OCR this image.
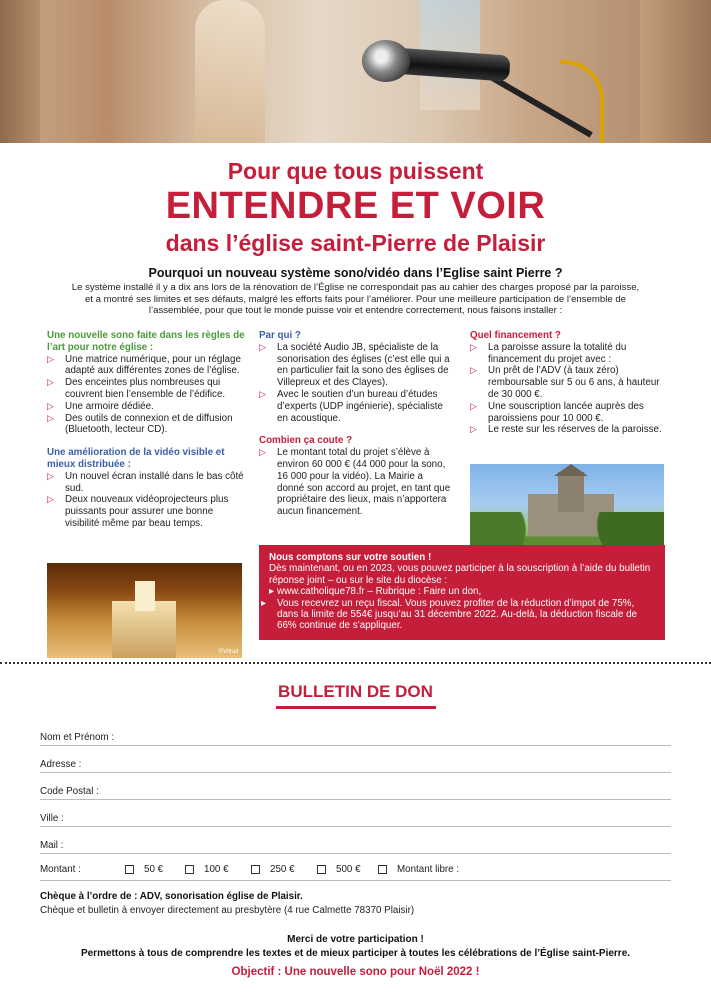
Pour que tous puissent
ENTENDRE ET VOIR
dans l’église saint-Pierre de Plaisir
Pourquoi un nouveau système sono/vidéo dans l’Eglise saint Pierre ?
Le système installé il y a dix ans lors de la rénovation de l’Église ne correspondait pas au cahier des charges proposé par la paroisse, et a montré ses limites et ses défauts, malgré les efforts faits pour l’améliorer. Pour une meilleure participation de l’ensemble de l’assemblée, pour que tout le monde puisse voir et entendre correctement, nous faisons installer :
Une nouvelle sono faite dans les règles de l’art pour notre église :
▷ Une matrice numérique, pour un réglage adapté aux différentes zones de l’église.
▷ Des enceintes plus nombreuses qui couvrent bien l’ensemble de l’édifice.
▷ Une armoire dédiée.
▷ Des outils de connexion et de diffusion (Bluetooth, lecteur CD).
Une amélioration de la vidéo visible et mieux distribuée :
▷ Un nouvel écran installé dans le bas côté sud.
▷ Deux nouveaux vidéoprojecteurs plus puissants pour assurer une bonne visibilité même par beau temps.
Par qui ?
▷ La société Audio JB, spécialiste de la sonorisation des églises (c’est elle qui a en particulier fait la sono des églises de Villepreux et des Clayes).
▷ Avec le soutien d’un bureau d’études d’experts (UDP ingénierie), spécialiste en acoustique.
Combien ça coute ?
▷ Le montant total du projet s’élève à environ 60 000 € (44 000 pour la sono, 16 000 pour la vidéo). La Mairie a donné son accord au projet, en tant que propriétaire des lieux, mais n’apportera aucun financement.
Quel financement ?
▷ La paroisse assure la totalité du financement du projet avec :
▷ Un prêt de l’ADV (à taux zéro) remboursable sur 5 ou 6 ans, à hauteur de 30 000 €.
▷ Une souscription lancée auprès des paroissiens pour 10 000 €.
▷ Le reste sur les réserves de la paroisse.
©Vitrail
Nous comptons sur votre soutien !
Dès maintenant, ou en 2023, vous pouvez participer à la souscription à l’aide du bulletin réponse joint – ou sur le site du diocèse :
▸ www.catholique78.fr – Rubrique : Faire un don,
▸ Vous recevrez un reçu fiscal. Vous pouvez profiter de la réduction d’impot de 75%, dans la limite de 554€ jusqu’au 31 décembre 2022. Au-delà, la déduction fiscale de 66% continue de s’appliquer.
BULLETIN DE DON
Nom et Prénom :
Adresse :
Code Postal :
Ville :
Mail :
Montant :	50 €	100 €	250 €	500 €	Montant libre :
Chèque à l’ordre de : ADV, sonorisation église de Plaisir.
Chèque et bulletin à envoyer directement au presbytère (4 rue Calmette 78370 Plaisir)
Merci de votre participation !
Permettons à tous de comprendre les textes et de mieux participer à toutes les célébrations de l’Église saint-Pierre.
Objectif : Une nouvelle sono pour Noël 2022 !
